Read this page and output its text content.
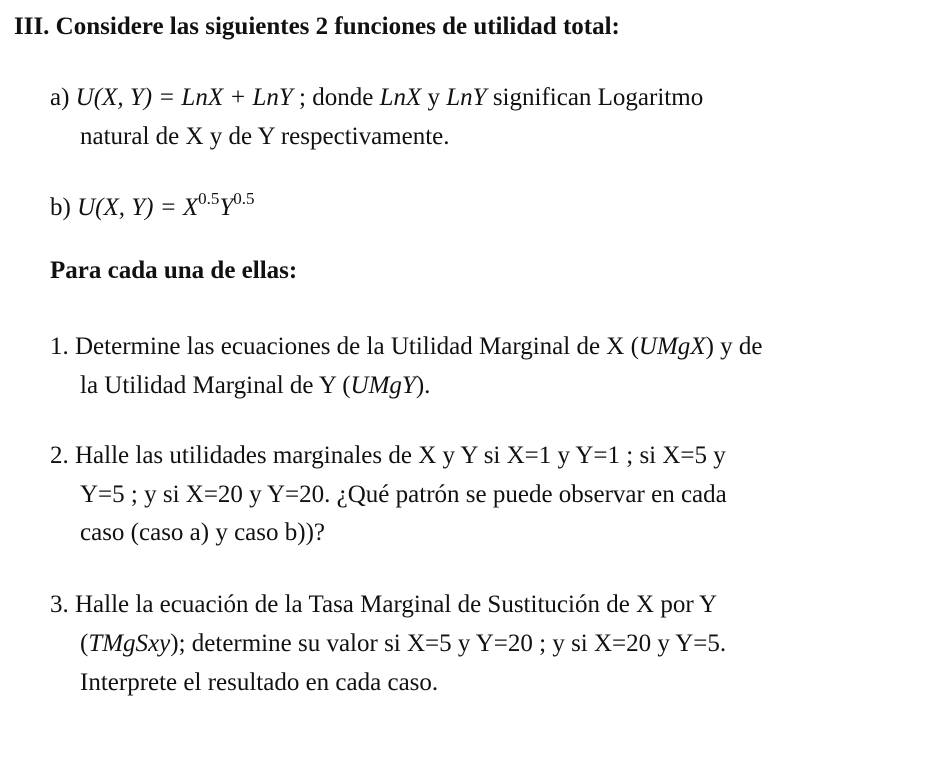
III. Considere las siguientes 2 funciones de utilidad total:
a) U(X, Y) = LnX + LnY ; donde LnX y LnY significan Logaritmo
natural de X y de Y respectivamente.
b) U(X, $Y) = X^{0.5}Y^{0.5}$
Para cada una de ellas:
1. Determine las ecuaciones de la Utilidad Marginal de X (UMgX) y de
la Utilidad Marginal de Y (UMgY).
2. Halle las utilidades marginales de X y Y si X=1 y Y=1 ; si X=5 y
Y=5 ; y si X=20 y Y=20. ¿Qué patrón se puede observar en cada
caso (caso a) y caso b))?
3. Halle la ecuación de la Tasa Marginal de Sustitución de X por Y
(TMgSxy); determine su valor si X=5 y Y=20 ; y si X=20 y Y=5.
Interprete el resultado en cada caso.
